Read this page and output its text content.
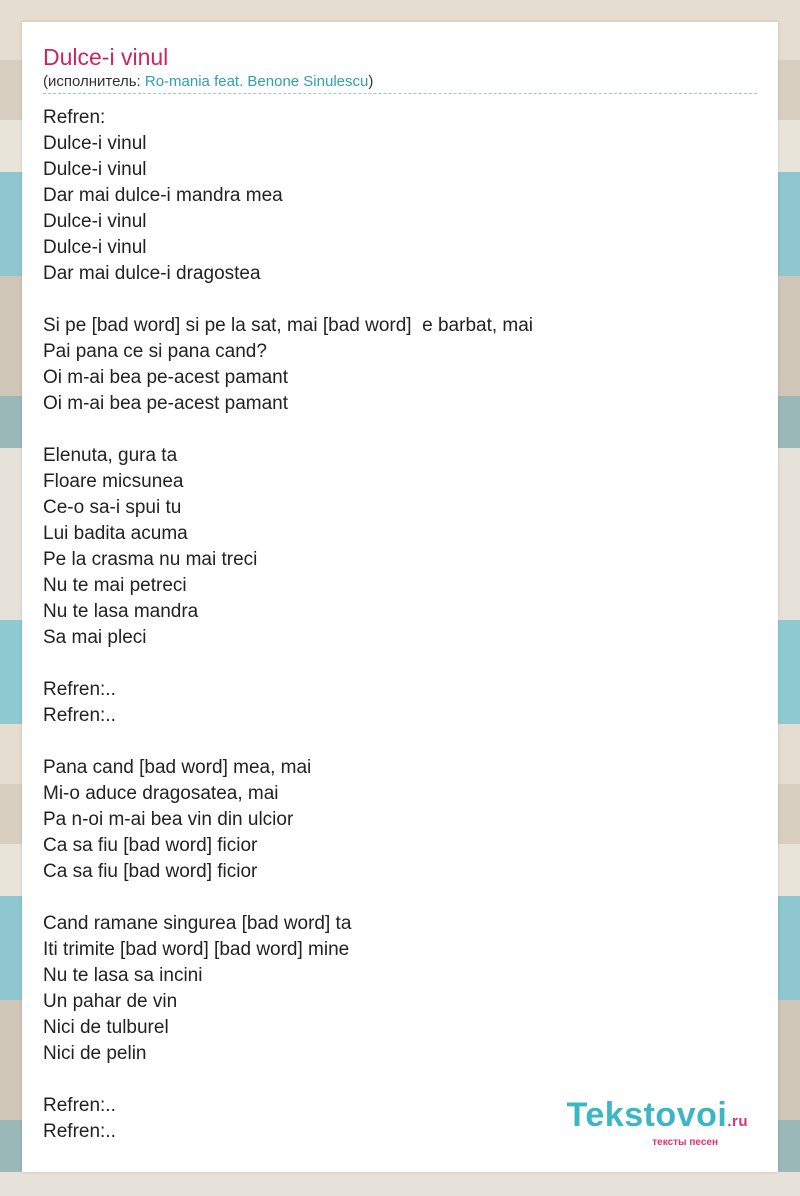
Dulce-i vinul
(исполнитель: Ro-mania feat. Benone Sinulescu)
Refren:
Dulce-i vinul
Dulce-i vinul
Dar mai dulce-i mandra mea
Dulce-i vinul
Dulce-i vinul
Dar mai dulce-i dragostea

Si pe [bad word] si pe la sat, mai [bad word]  e barbat, mai
Pai pana ce si pana cand?
Oi m-ai bea pe-acest pamant
Oi m-ai bea pe-acest pamant

Elenuta, gura ta
Floare micsunea
Ce-o sa-i spui tu
Lui badita acuma
Pe la crasma nu mai treci
Nu te mai petreci
Nu te lasa mandra
Sa mai pleci

Refren:..
Refren:..

Pana cand [bad word] mea, mai
Mi-o aduce dragosatea, mai
Pa n-oi m-ai bea vin din ulcior
Ca sa fiu [bad word] ficior
Ca sa fiu [bad word] ficior

Cand ramane singurea [bad word] ta
Iti trimite [bad word] [bad word] mine
Nu te lasa sa incini
Un pahar de vin
Nici de tulburel
Nici de pelin

Refren:..
Refren:..	Tekstovoi.ru
тексты песен
